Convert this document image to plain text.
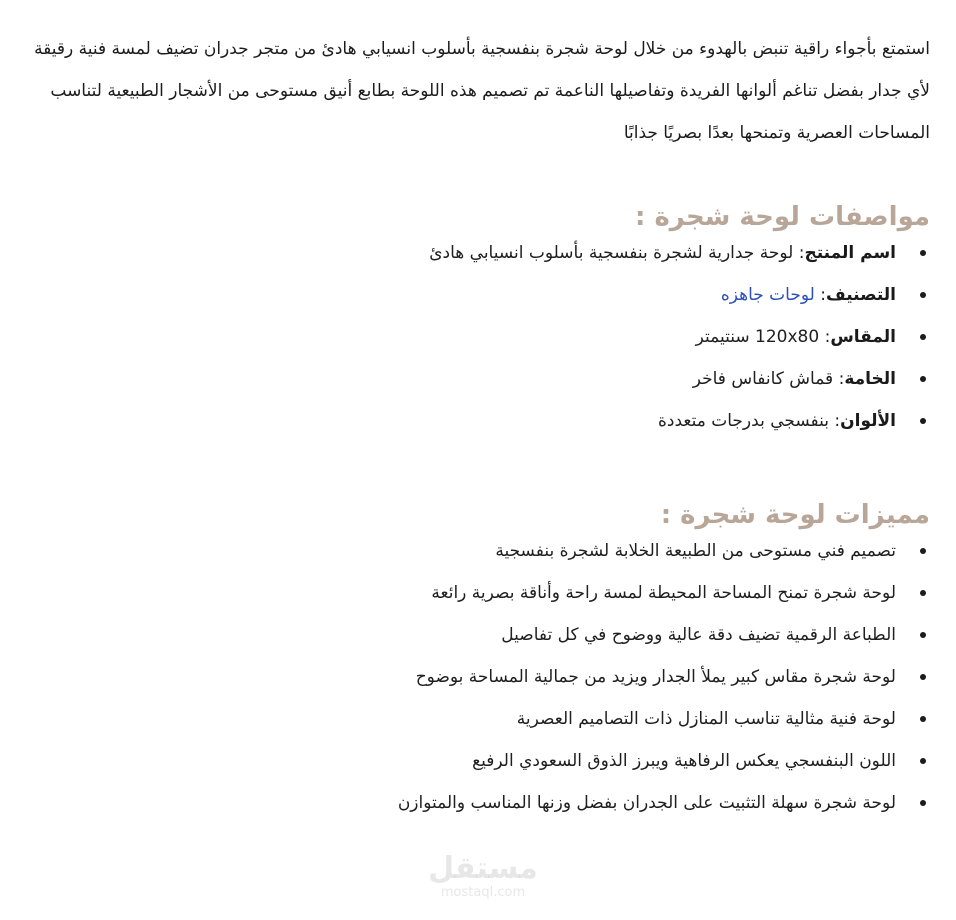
استمتع بأجواء راقية تنبض بالهدوء من خلال لوحة شجرة بنفسجية بأسلوب انسيابي هادئ من متجر جدران تضيف لمسة فنية رقيقة لأي جدار بفضل تناغم ألوانها الفريدة وتفاصيلها الناعمة تم تصميم هذه اللوحة بطابع أنيق مستوحى من الأشجار الطبيعية لتناسب المساحات العصرية وتمنحها بعدًا بصريًا جذابًا

مواصفات لوحة شجرة :
اسم المنتج: لوحة جدارية لشجرة بنفسجية بأسلوب انسيابي هادئ
التصنيف: لوحات جاهزه
المقاس: 120x80 سنتيمتر
الخامة: قماش كانفاس فاخر
الألوان: بنفسجي بدرجات متعددة
مميزات لوحة شجرة :
تصميم فني مستوحى من الطبيعة الخلابة لشجرة بنفسجية
لوحة شجرة تمنح المساحة المحيطة لمسة راحة وأناقة بصرية رائعة
الطباعة الرقمية تضيف دقة عالية ووضوح في كل تفاصيل
لوحة شجرة مقاس كبير يملأ الجدار ويزيد من جمالية المساحة بوضوح
لوحة فنية مثالية تناسب المنازل ذات التصاميم العصرية
اللون البنفسجي يعكس الرفاهية ويبرز الذوق السعودي الرفيع
لوحة شجرة سهلة التثبيت على الجدران بفضل وزنها المناسب والمتوازن
مستقل
mostaql.com
